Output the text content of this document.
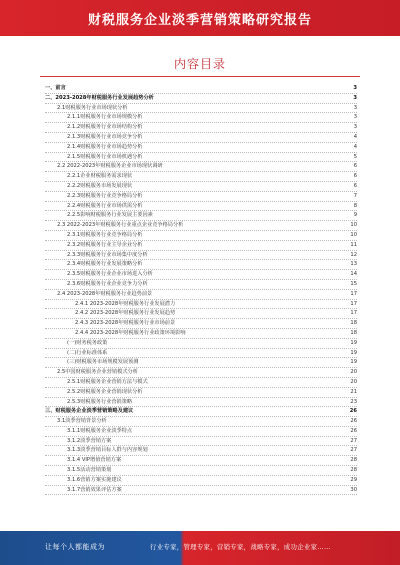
财税服务企业淡季营销策略研究报告
内容目录
一、前言	3
二、2023-2028年财税服务行业发展趋势分析	3
2.1财税服务行业市场现状分析	3
2.1.1财税服务行业市场规模分析	3
2.1.2财税服务行业市场结构分析	3
2.1.3财税服务行业市场竞争分析	4
2.1.4财税服务行业市场趋势分析	4
2.1.5财税服务行业市场机遇分析	5
2.2 2022-2023年财税服务企业市场现状调研	6
2.2.1企业财税服务需求现状	6
2.2.2财税服务市场发展现状	6
2.2.3财税服务行业竞争格局分析	7
2.2.4财税服务行业市场供需分析	8
2.2.5影响财税服务行业发展主要因素	9
2.3 2022-2023年财税服务行业重点企业竞争格局分析	10
2.3.1财税服务行业竞争格局分析	10
2.3.2财税服务行业主导企业分析	11
2.3.3财税服务行业市场集中度分析	12
2.3.4财税服务行业发展策略分析	13
2.3.5财税服务行业企业市场进入分析	14
2.3.6财税服务行业企业竞争力分析	15
2.4 2023-2028年财税服务行业趋势前景	17
2.4.1 2023-2028年财税服务行业发展潜力	17
2.4.2 2023-2028年财税服务行业发展趋势	17
2.4.3 2023-2028年财税服务行业市场前景	18
2.4.4 2023-2028年财税服务行业政策环境影响	18
(一)财务税务政策	19
(二)行业标准体系	19
(三)财税服务市场规模发展预测	19
2.5中国财税服务企业营销模式分析	20
2.5.1财税服务企业营销方法与模式	20
2.5.2财税服务企业营销现状分析	21
2.5.3财税服务行业营销策略	23
三、财税服务企业淡季营销策略及建议	26
3.1淡季营销背景分析	26
3.1.1财税服务企业淡季特点	26
3.1.2淡季营销方案	27
3.1.3淡季营销目标人群与内容规划	27
3.1.4 VIP增值营销方案	28
3.1.5活动营销策划	28
3.1.6营销方案实施建议	29
3.1.7营销效果评估方案	30
让每个人都能成为	行业专家，管理专家，营销专家，战略专家，成功企业家……
